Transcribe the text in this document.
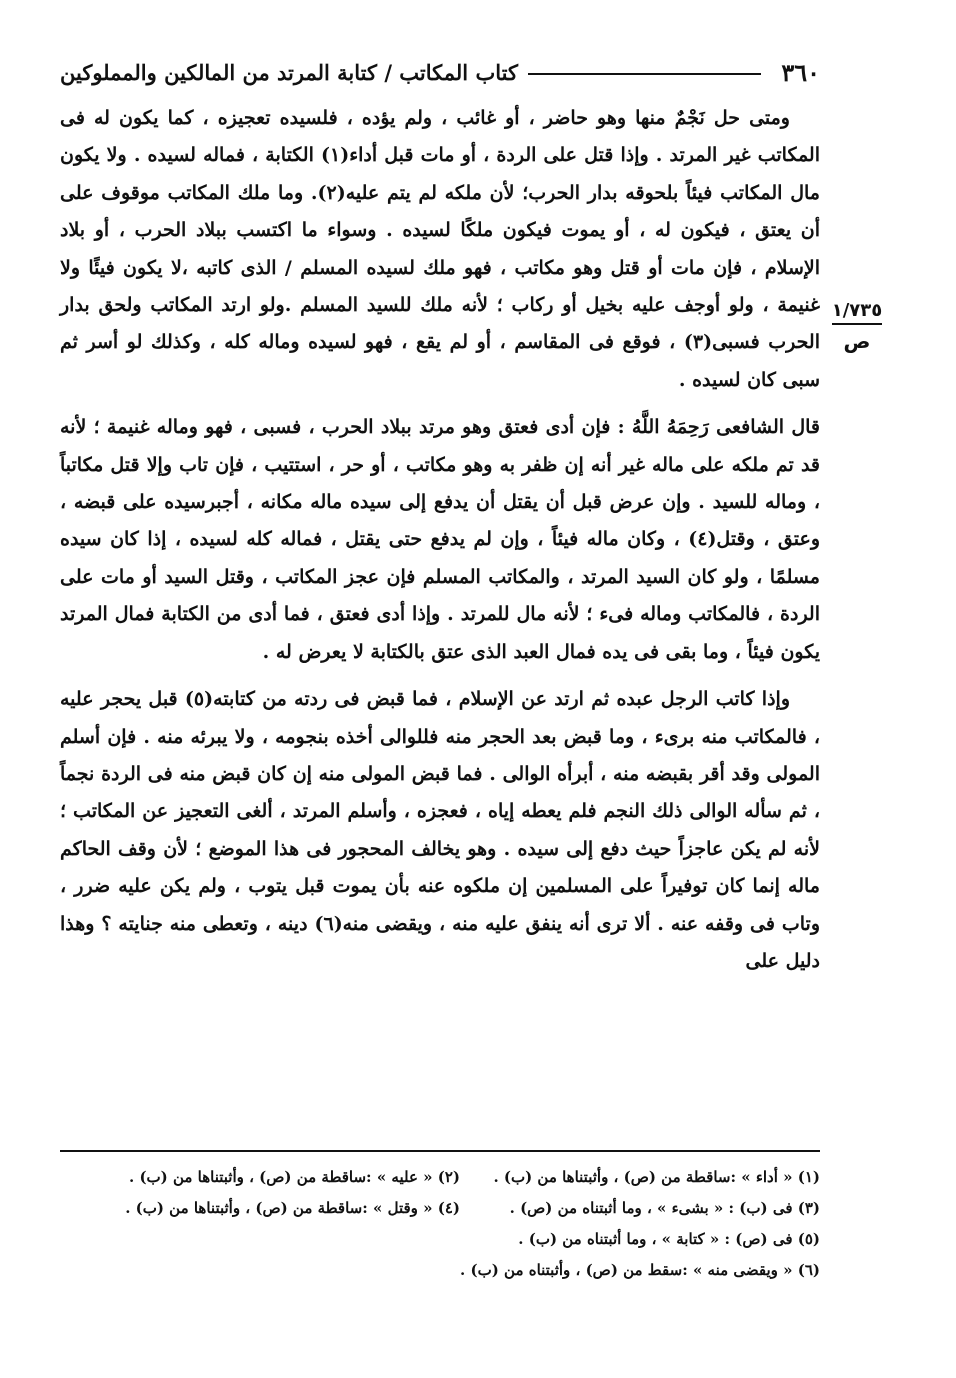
٣٦٠
كتاب المكاتب / كتابة المرتد من المالكين والمملوكين
١/٧٣٥
ص

ومتى حل نَجْمٌ منها وهو حاضر ، أو غائب ، ولم يؤده ، فلسيده تعجيزه ، كما يكون له فى المكاتب غير المرتد . وإذا قتل على الردة ، أو مات قبل أداء(١) الكتابة ، فماله لسيده . ولا يكون مال المكاتب فيئاً بلحوقه بدار الحرب؛ لأن ملكه لم يتم عليه(٢). وما ملك المكاتب موقوف على أن يعتق ، فيكون له ، أو يموت فيكون ملكًا لسيده . وسواء ما اكتسب ببلاد الحرب ، أو بلاد الإسلام ، فإن مات أو قتل وهو مكاتب ، فهو ملك لسيده المسلم / الذى كاتبه ،لا يكون فيئًا ولا غنيمة ، ولو أوجف عليه بخيل أو ركاب ؛ لأنه ملك للسيد المسلم .ولو ارتد المكاتب ولحق بدار الحرب فسبى(٣) ، فوقع فى المقاسم ، أو لم يقع ، فهو لسيده وماله كله ، وكذلك لو أسر ثم سبى كان لسيده .

قال الشافعى رَحِمَهُ اللَّهُ : فإن أدى فعتق وهو مرتد ببلاد الحرب ، فسبى ، فهو وماله غنيمة ؛ لأنه قد تم ملكه على ماله غير أنه إن ظفر به وهو مكاتب ، أو حر ، استتيب ، فإن تاب وإلا قتل مكاتباً ، وماله للسيد . وإن عرض قبل أن يقتل أن يدفع إلى سيده ماله مكانه ، أجبرسيده على قبضه ، وعتق ، وقتل(٤) ، وكان ماله فيئاً ، وإن لم يدفع حتى يقتل ، فماله كله لسيده ، إذا كان سيده مسلمًا ، ولو كان السيد المرتد ، والمكاتب المسلم فإن عجز المكاتب ، وقتل السيد أو مات على الردة ، فالمكاتب وماله فىء ؛ لأنه مال للمرتد . وإذا أدى فعتق ، فما أدى من الكتابة فمال المرتد يكون فيئاً ، وما بقى فى يده فمال العبد الذى عتق بالكتابة لا يعرض له .

وإذا كاتب الرجل عبده ثم ارتد عن الإسلام ، فما قبض فى ردته من كتابته(٥) قبل يحجر عليه ، فالمكاتب منه برىء ، وما قبض بعد الحجر منه فللوالى أخذه بنجومه ، ولا يبرئه منه . فإن أسلم المولى وقد أقر بقبضه منه ، أبرأه الوالى . فما قبض المولى منه إن كان قبض منه فى الردة نجماً ، ثم سأله الوالى ذلك النجم فلم يعطه إياه ، فعجزه ، وأسلم المرتد ، ألغى التعجيز عن المكاتب ؛ لأنه لم يكن عاجزاً حيث دفع إلى سيده . وهو يخالف المحجور فى هذا الموضع ؛ لأن وقف الحاكم ماله إنما كان توفيراً على المسلمين إن ملكوه عنه بأن يموت قبل يتوب ، ولم يكن عليه ضرر ، وتاب فى وقفه عنه . ألا ترى أنه ينفق عليه منه ، ويقضى منه(٦) دينه ، وتعطى منه جنايته ؟ وهذا دليل على

(١) « أداء » :ساقطة من (ص) ، وأثبتناها من (ب) .
(٢) « عليه » :ساقطة من (ص) ، وأثبتناها من (ب) .
(٣) فى (ب) : « بشىء » ، وما أثبتناه من (ص) .
(٤) « وقتل » :ساقطة من (ص) ، وأثبتناها من (ب) .
(٥) فى (ص) : « كتابة » ، وما أثبتناه من (ب) .
(٦) « ويقضى منه » :سقط من (ص) ، وأثبتناه من (ب) .
